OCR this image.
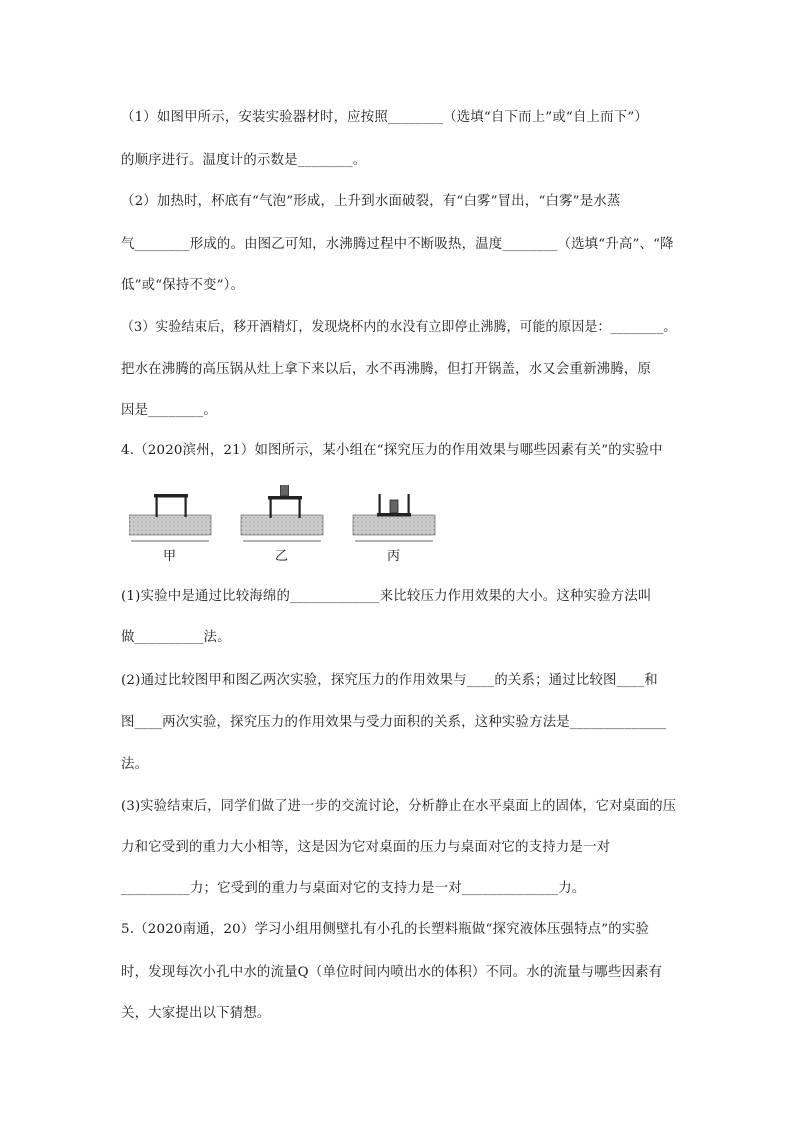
（1）如图甲所示，安装实验器材时，应按照________（选填“自下而上”或“自上而下”）
的顺序进行。温度计的示数是________。
（2）加热时，杯底有“气泡”形成，上升到水面破裂，有“白雾”冒出，“白雾”是水蒸
气________形成的。由图乙可知，水沸腾过程中不断吸热，温度________（选填“升高”、“降
低”或“保持不变”）。
（3）实验结束后，移开酒精灯，发现烧杯内的水没有立即停止沸腾，可能的原因是：________。
把水在沸腾的高压锅从灶上拿下来以后，水不再沸腾，但打开锅盖，水又会重新沸腾，原
因是________。
4.（2020滨州，21）如图所示，某小组在“探究压力的作用效果与哪些因素有关”的实验中
甲	乙	丙
(1)实验中是通过比较海绵的_____________来比较压力作用效果的大小。这种实验方法叫
做__________法。
(2)通过比较图甲和图乙两次实验，探究压力的作用效果与____的关系；通过比较图____和
图____两次实验，探究压力的作用效果与受力面积的关系，这种实验方法是______________
法。
(3)实验结束后，同学们做了进一步的交流讨论，分析静止在水平桌面上的固体，它对桌面的压
力和它受到的重力大小相等，这是因为它对桌面的压力与桌面对它的支持力是一对
__________力；它受到的重力与桌面对它的支持力是一对______________力。
5.（2020南通，20）学习小组用侧壁扎有小孔的长塑料瓶做“探究液体压强特点”的实验
时，发现每次小孔中水的流量Q（单位时间内喷出水的体积）不同。水的流量与哪些因素有
关，大家提出以下猜想。
